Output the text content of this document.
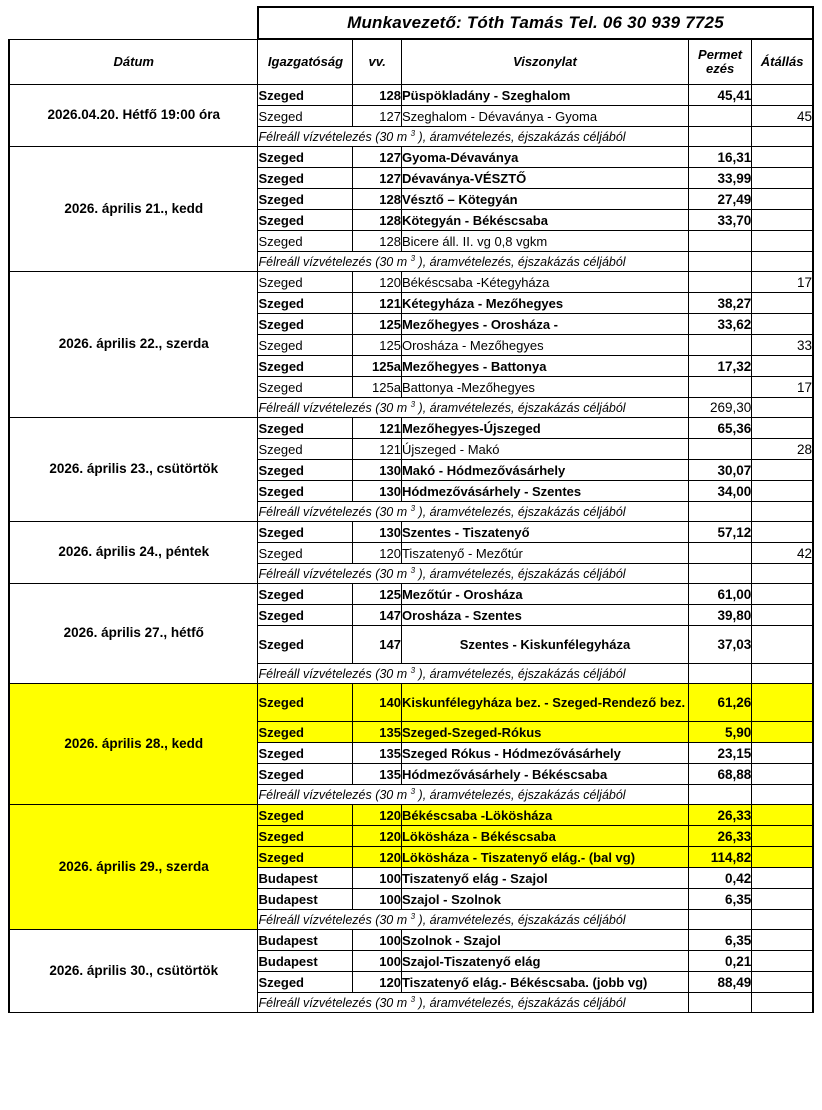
	Munkavezető: Tóth Tamás Tel. 06 30 939 7725				
Dátum	Igazgatóság	vv.	Viszonylat	Permet
ezés	Átállás
2026.04.20. Hétfő 19:00 óra	Szeged	128	Püspökladány - Szeghalom	45,41	
	Szeged	127	Szeghalom - Dévaványa - Gyoma		45
	Félreáll vízvételezés (30 m $^3$ ), áramvételezés, éjszakázás céljából				
2026. április 21., kedd	Szeged	127	Gyoma-Dévaványa	16,31	
	Szeged	127	Dévaványa-VÉSZTŐ	33,99	
	Szeged	128	Vésztő – Kötegyán	27,49	
	Szeged	128	Kötegyán - Békéscsaba	33,70	
	Szeged	128	Bicere áll. II. vg 0,8 vgkm		
	Félreáll vízvételezés (30 m $^3$ ), áramvételezés, éjszakázás céljából				
2026. április 22., szerda	Szeged	120	Békéscsaba -Kétegyháza		17
	Szeged	121	Kétegyháza - Mezőhegyes	38,27	
	Szeged	125	Mezőhegyes - Orosháza -	33,62	
	Szeged	125	Orosháza - Mezőhegyes		33
	Szeged	125a	Mezőhegyes - Battonya	17,32	
	Szeged	125a	Battonya -Mezőhegyes		17
	Félreáll vízvételezés (30 m $^3$ ), áramvételezés, éjszakázás céljából			269,30	
2026. április 23., csütörtök	Szeged	121	Mezőhegyes-Újszeged	65,36	
	Szeged	121	Újszeged - Makó		28
	Szeged	130	Makó - Hódmezővásárhely	30,07	
	Szeged	130	Hódmezővásárhely - Szentes	34,00	
	Félreáll vízvételezés (30 m $^3$ ), áramvételezés, éjszakázás céljából				
2026. április 24., péntek	Szeged	130	Szentes - Tiszatenyő	57,12	
	Szeged	120	Tiszatenyő - Mezőtúr		42
	Félreáll vízvételezés (30 m $^3$ ), áramvételezés, éjszakázás céljából				
2026. április 27., hétfő	Szeged	125	Mezőtúr - Orosháza	61,00	
	Szeged	147	Orosháza - Szentes	39,80	
	Szeged	147	Szentes - Kiskunfélegyháza	37,03	
	Félreáll vízvételezés (30 m $^3$ ), áramvételezés, éjszakázás céljából				
2026. április 28., kedd	Szeged	140	Kiskunfélegyháza bez. - Szeged-Rendező bez.	61,26	
	Szeged	135	Szeged-Szeged-Rókus	5,90	
	Szeged	135	Szeged Rókus - Hódmezővásárhely	23,15	
	Szeged	135	Hódmezővásárhely - Békéscsaba	68,88	
	Félreáll vízvételezés (30 m $^3$ ), áramvételezés, éjszakázás céljából				
2026. április 29., szerda	Szeged	120	Békéscsaba -Lökösháza	26,33	
	Szeged	120	Lökösháza - Békéscsaba	26,33	
	Szeged	120	Lökösháza - Tiszatenyő elág.- (bal vg)	114,82	
	Budapest	100	Tiszatenyő elág - Szajol	0,42	
	Budapest	100	Szajol - Szolnok	6,35	
	Félreáll vízvételezés (30 m $^3$ ), áramvételezés, éjszakázás céljából				
2026. április 30., csütörtök	Budapest	100	Szolnok - Szajol	6,35	
	Budapest	100	Szajol-Tiszatenyő elág	0,21	
	Szeged	120	Tiszatenyő elág.- Békéscsaba. (jobb vg)	88,49	
	Félreáll vízvételezés (30 m $^3$ ), áramvételezés, éjszakázás céljából				
